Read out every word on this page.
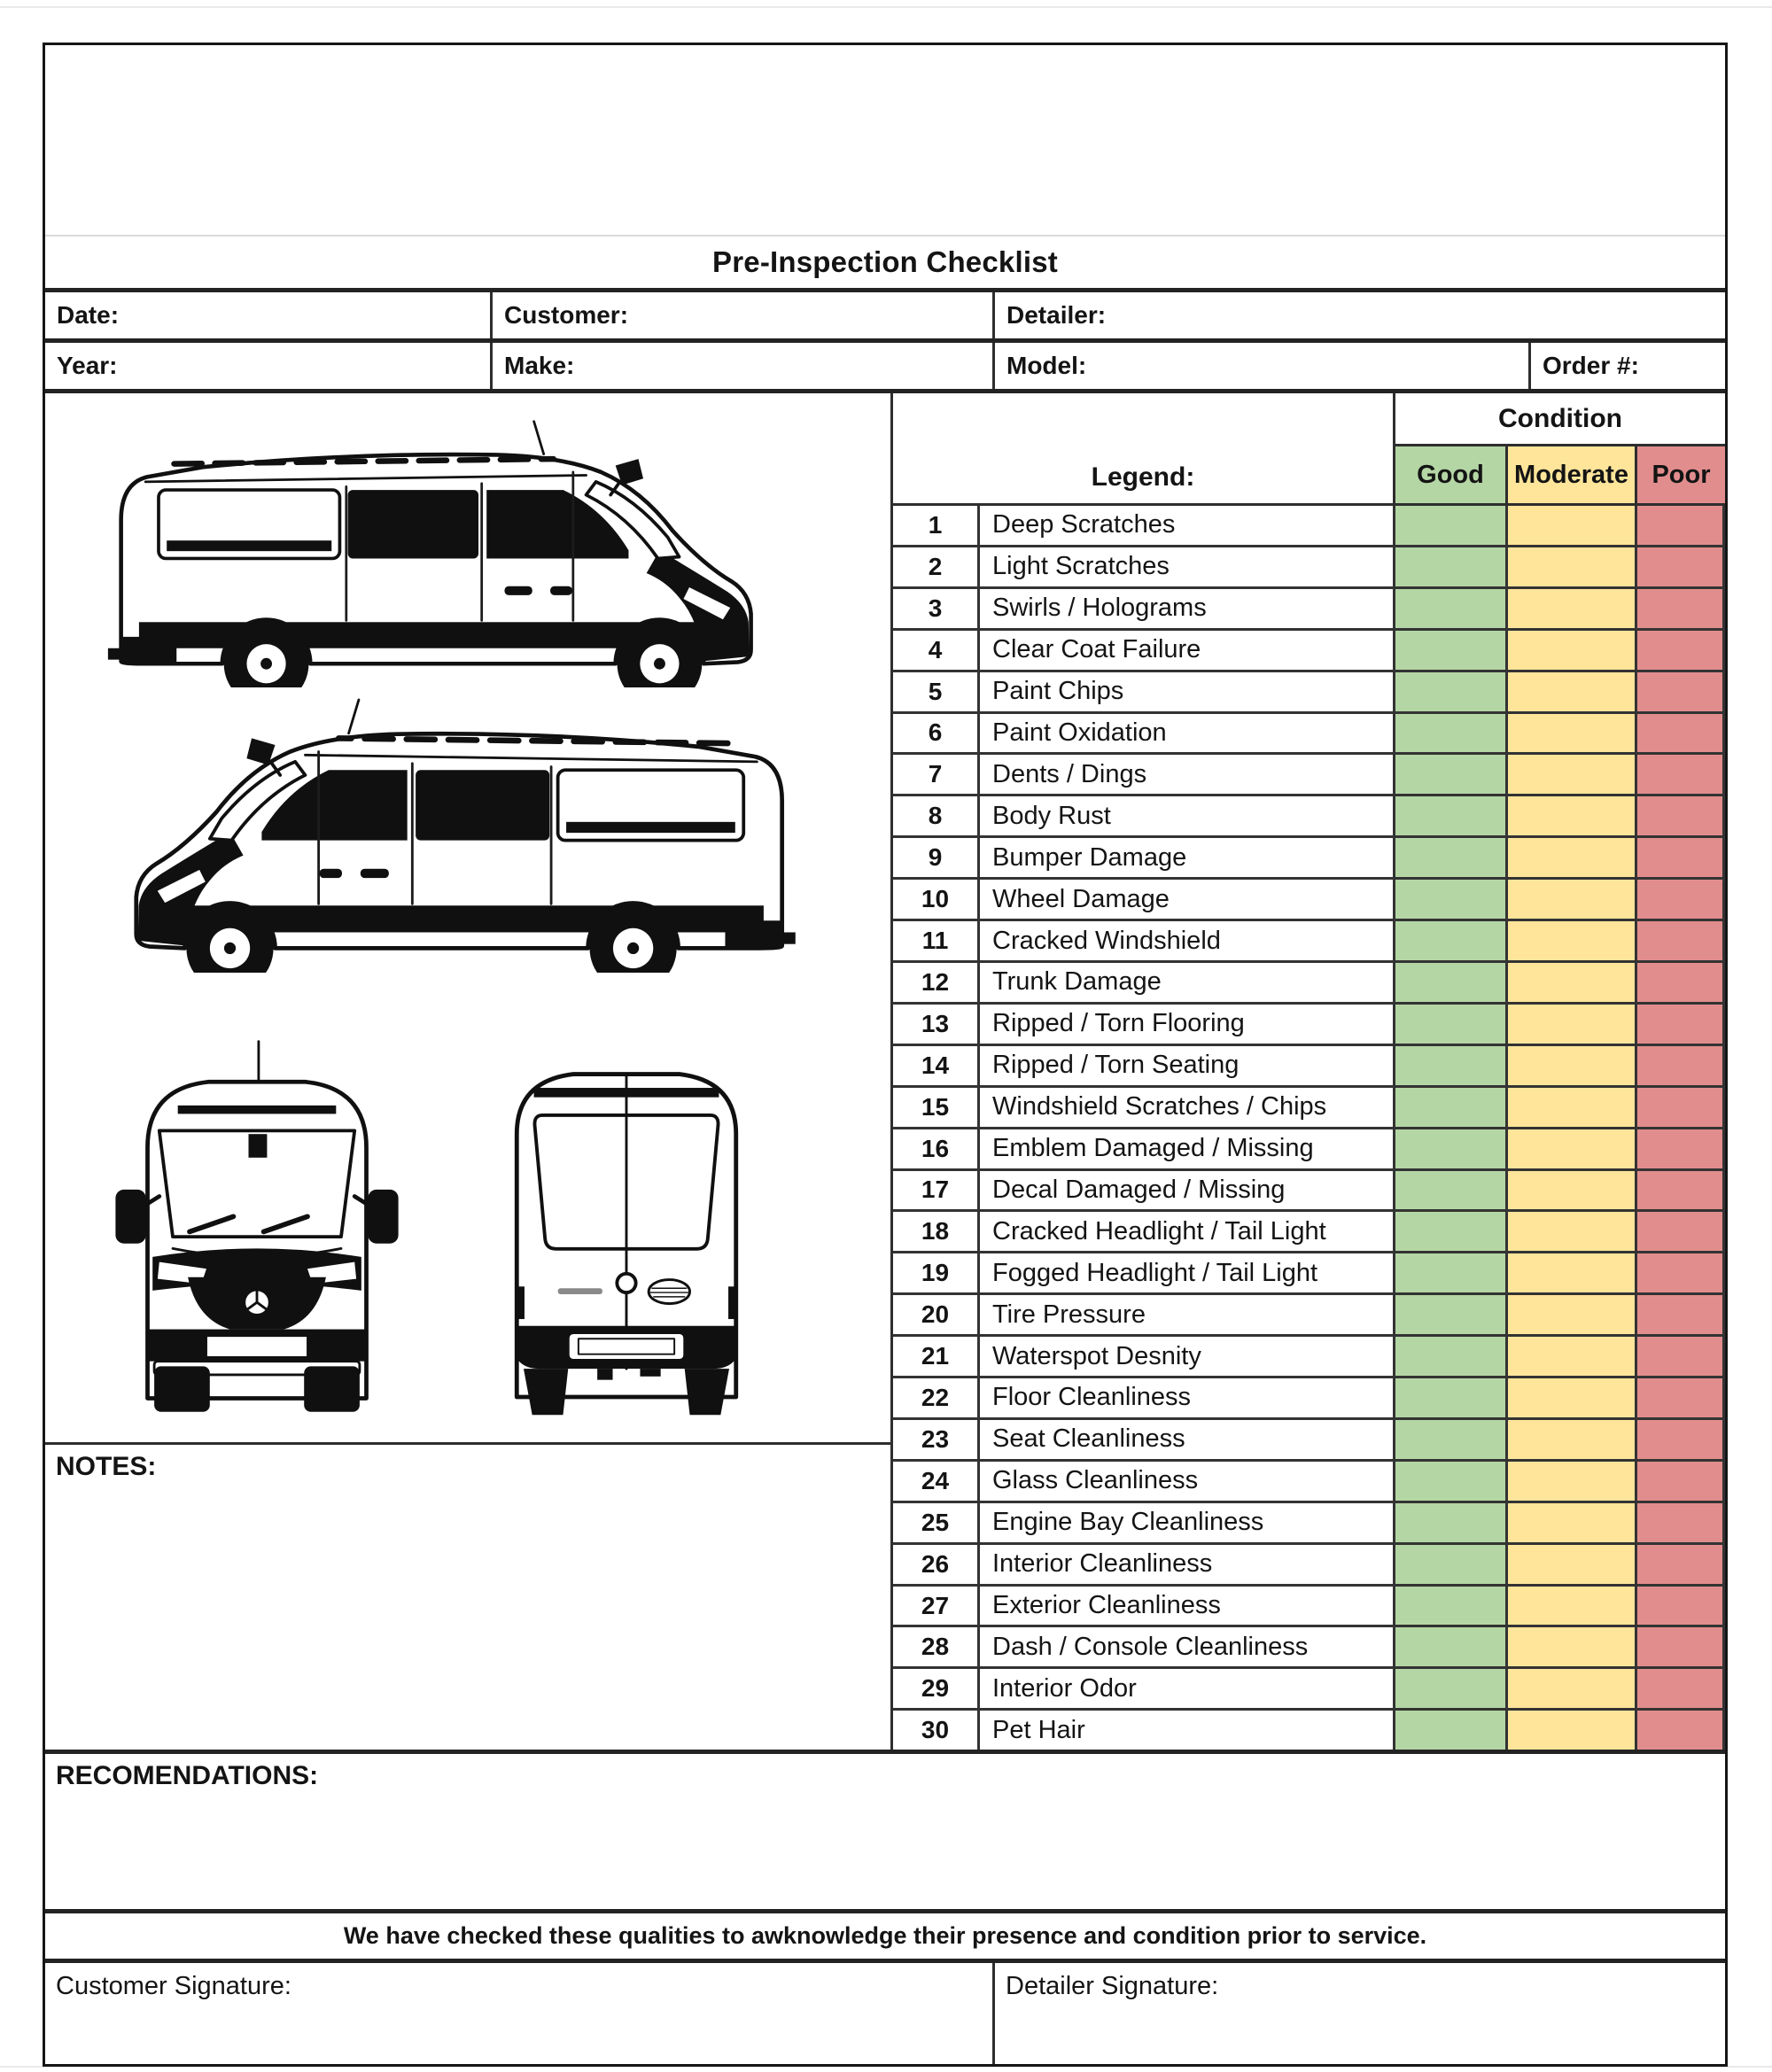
Pre-Inspection Checklist
Date:	Customer:	Detailer:
Year:	Make:	Model:	Order #:
NOTES:
Legend:
Condition
Good	Moderate Poor
1	Deep Scratches
2	Light Scratches
3	Swirls / Holograms
4	Clear Coat Failure
5	Paint Chips
6	Paint Oxidation
7	Dents / Dings
8	Body Rust
9	Bumper Damage
10	Wheel Damage
11	Cracked Windshield
12	Trunk Damage
13	Ripped / Torn Flooring
14	Ripped / Torn Seating
15	Windshield Scratches / Chips
16	Emblem Damaged / Missing
17	Decal Damaged / Missing
18	Cracked Headlight / Tail Light
19	Fogged Headlight / Tail Light
20	Tire Pressure
21	Waterspot Desnity
22	Floor Cleanliness
23	Seat Cleanliness
24	Glass Cleanliness
25	Engine Bay Cleanliness
26	Interior Cleanliness
27	Exterior Cleanliness
28	Dash / Console Cleanliness
29	Interior Odor
30	Pet Hair
RECOMENDATIONS:
We have checked these qualities to awknowledge their presence and condition prior to service.
Customer Signature:	Detailer Signature:
